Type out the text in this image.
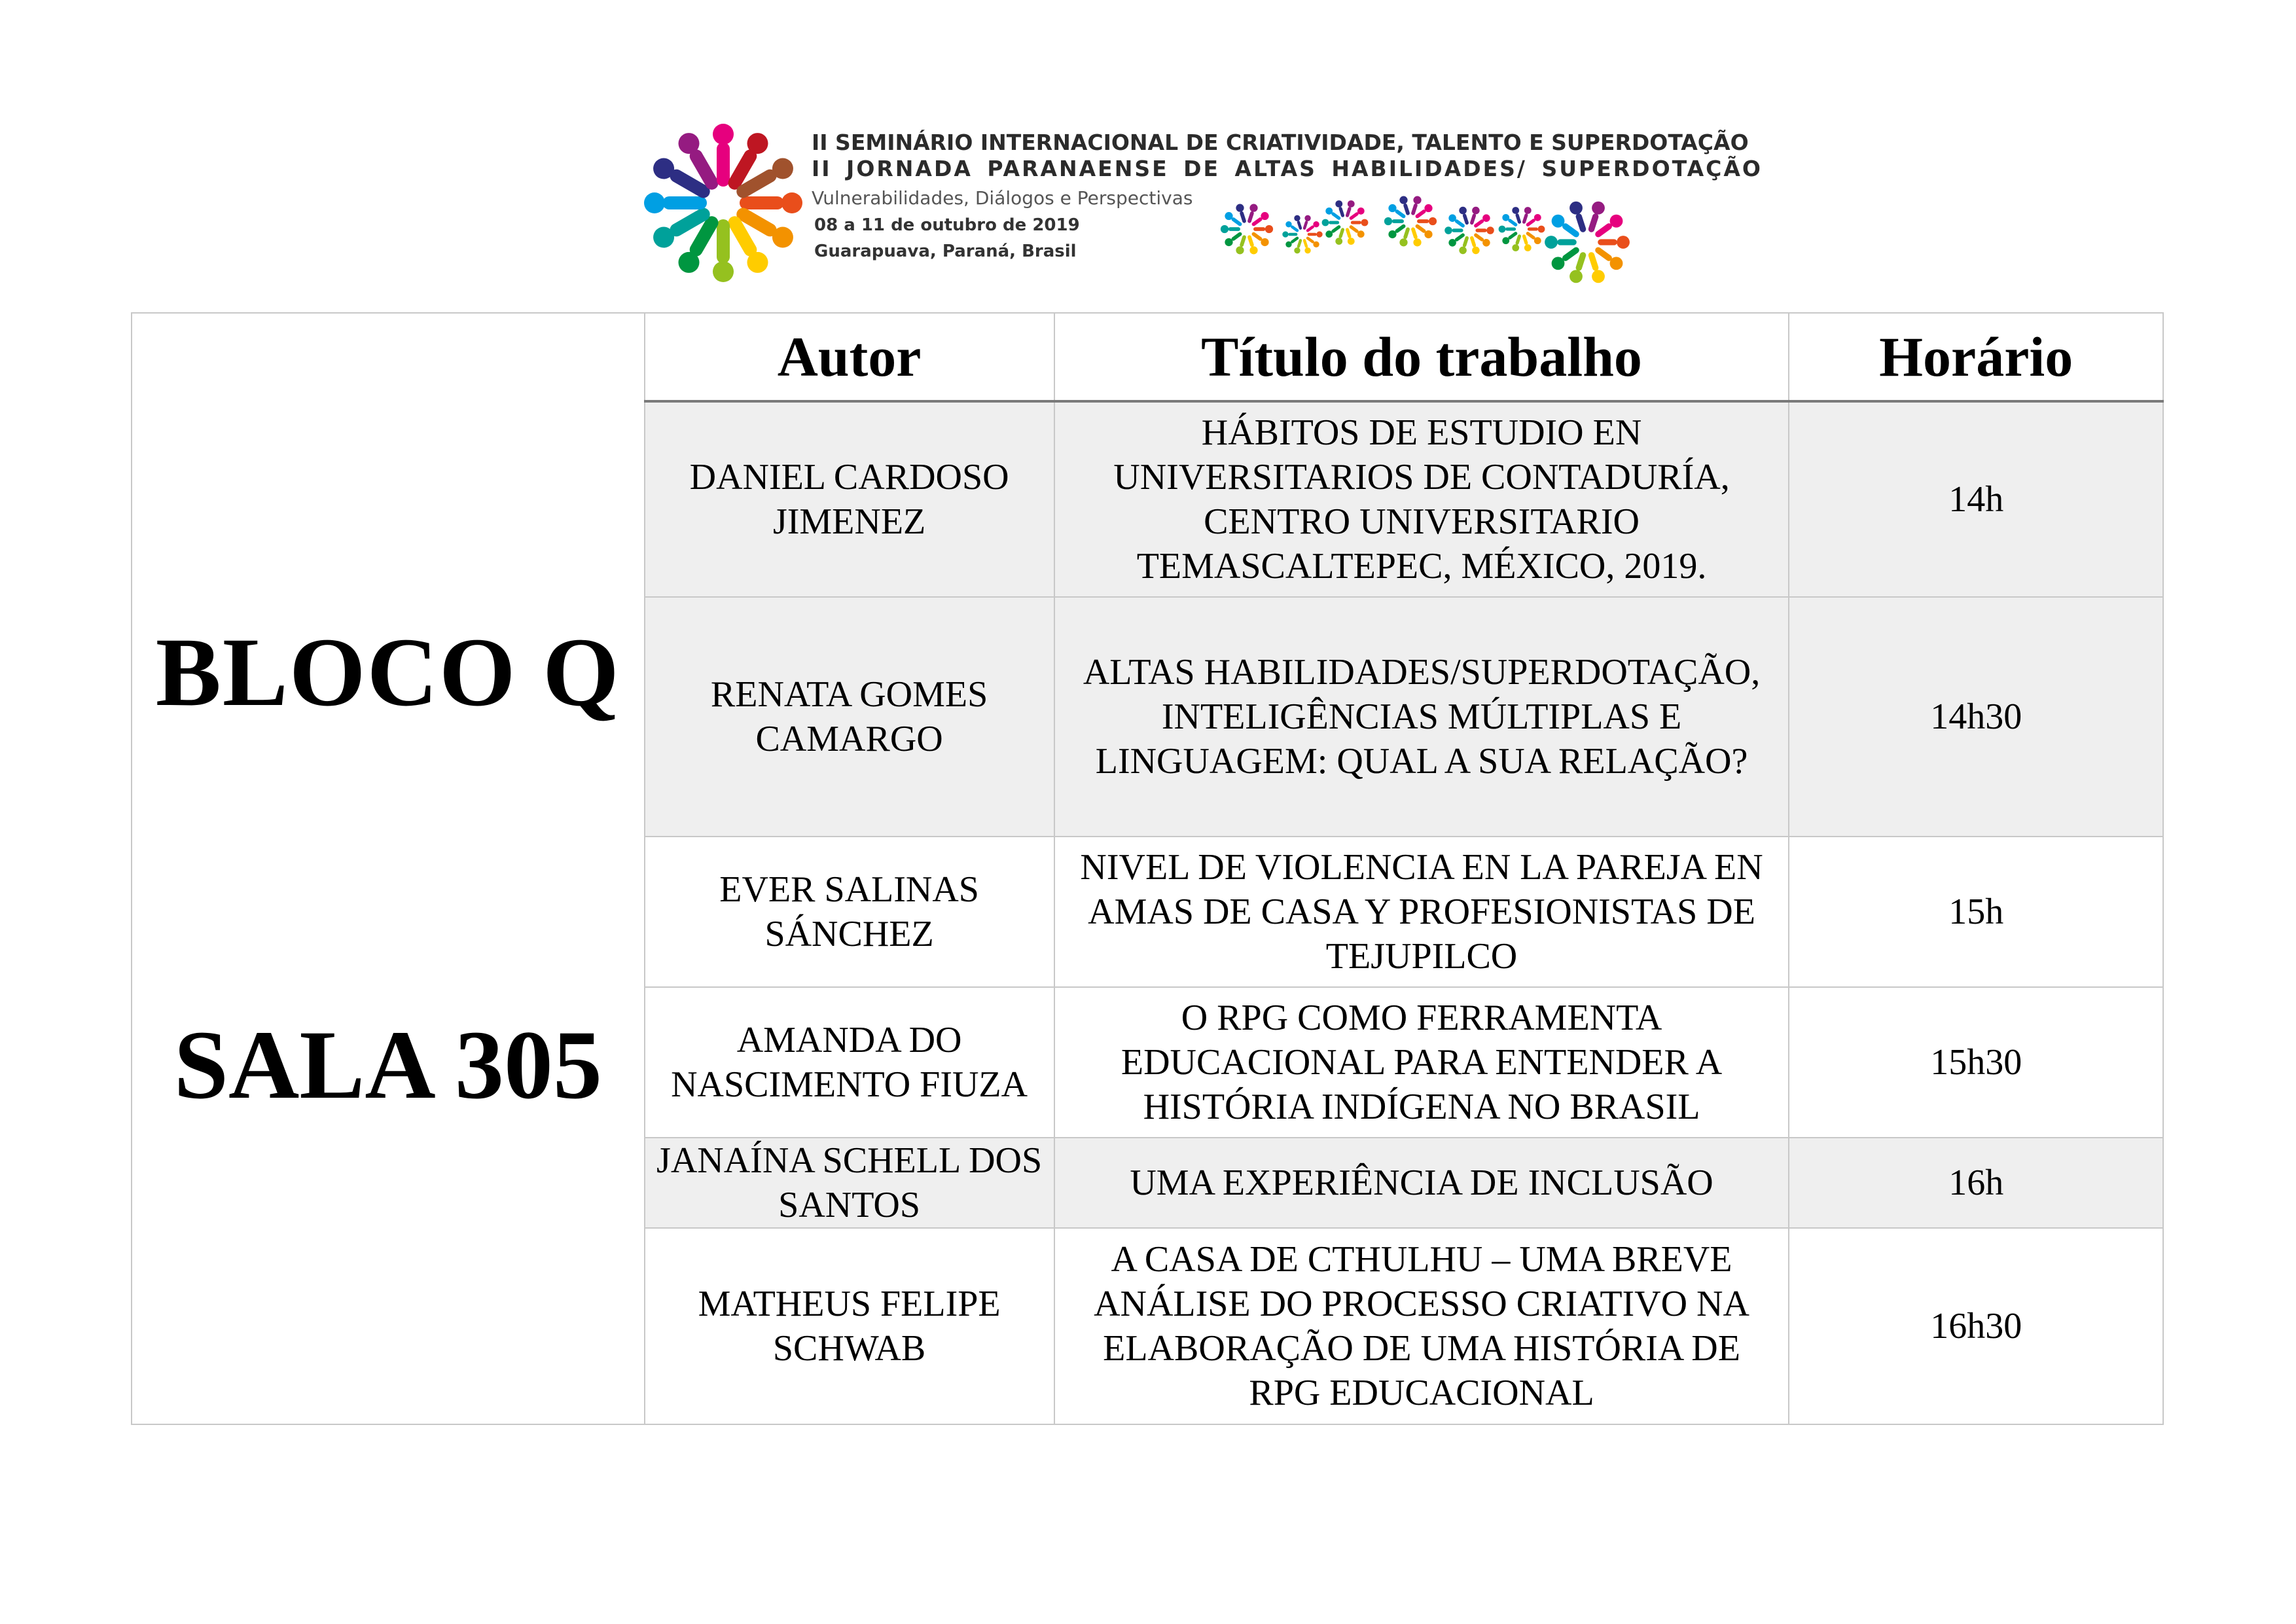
II SEMINÁRIO INTERNACIONAL DE CRIATIVIDADE, TALENTO E SUPERDOTAÇÃO
II JORNADA PARANAENSE DE ALTAS HABILIDADES/ SUPERDOTAÇÃO
Vulnerabilidades, Diálogos e Perspectivas
08 a 11 de outubro de 2019
Guarapuava, Paraná, Brasil
BLOCO Q
SALA 305	Autor	Título do trabalho	Horário
	DANIEL CARDOSO JIMENEZ	HÁBITOS DE ESTUDIO EN UNIVERSITARIOS DE CONTADURÍA, CENTRO UNIVERSITARIO TEMASCALTEPEC, MÉXICO, 2019.	14h
	RENATA GOMES CAMARGO	ALTAS HABILIDADES/SUPERDOTAÇÃO, INTELIGÊNCIAS MÚLTIPLAS E LINGUAGEM: QUAL A SUA RELAÇÃO?	14h30
	EVER SALINAS SÁNCHEZ	NIVEL DE VIOLENCIA EN LA PAREJA EN AMAS DE CASA Y PROFESIONISTAS DE TEJUPILCO	15h
	AMANDA DO NASCIMENTO FIUZA	O RPG COMO FERRAMENTA EDUCACIONAL PARA ENTENDER A HISTÓRIA INDÍGENA NO BRASIL	15h30
	JANAÍNA SCHELL DOS SANTOS	UMA EXPERIÊNCIA DE INCLUSÃO	16h
	MATHEUS FELIPE SCHWAB	A CASA DE CTHULHU – UMA BREVE ANÁLISE DO PROCESSO CRIATIVO NA ELABORAÇÃO DE UMA HISTÓRIA DE RPG EDUCACIONAL	16h30
